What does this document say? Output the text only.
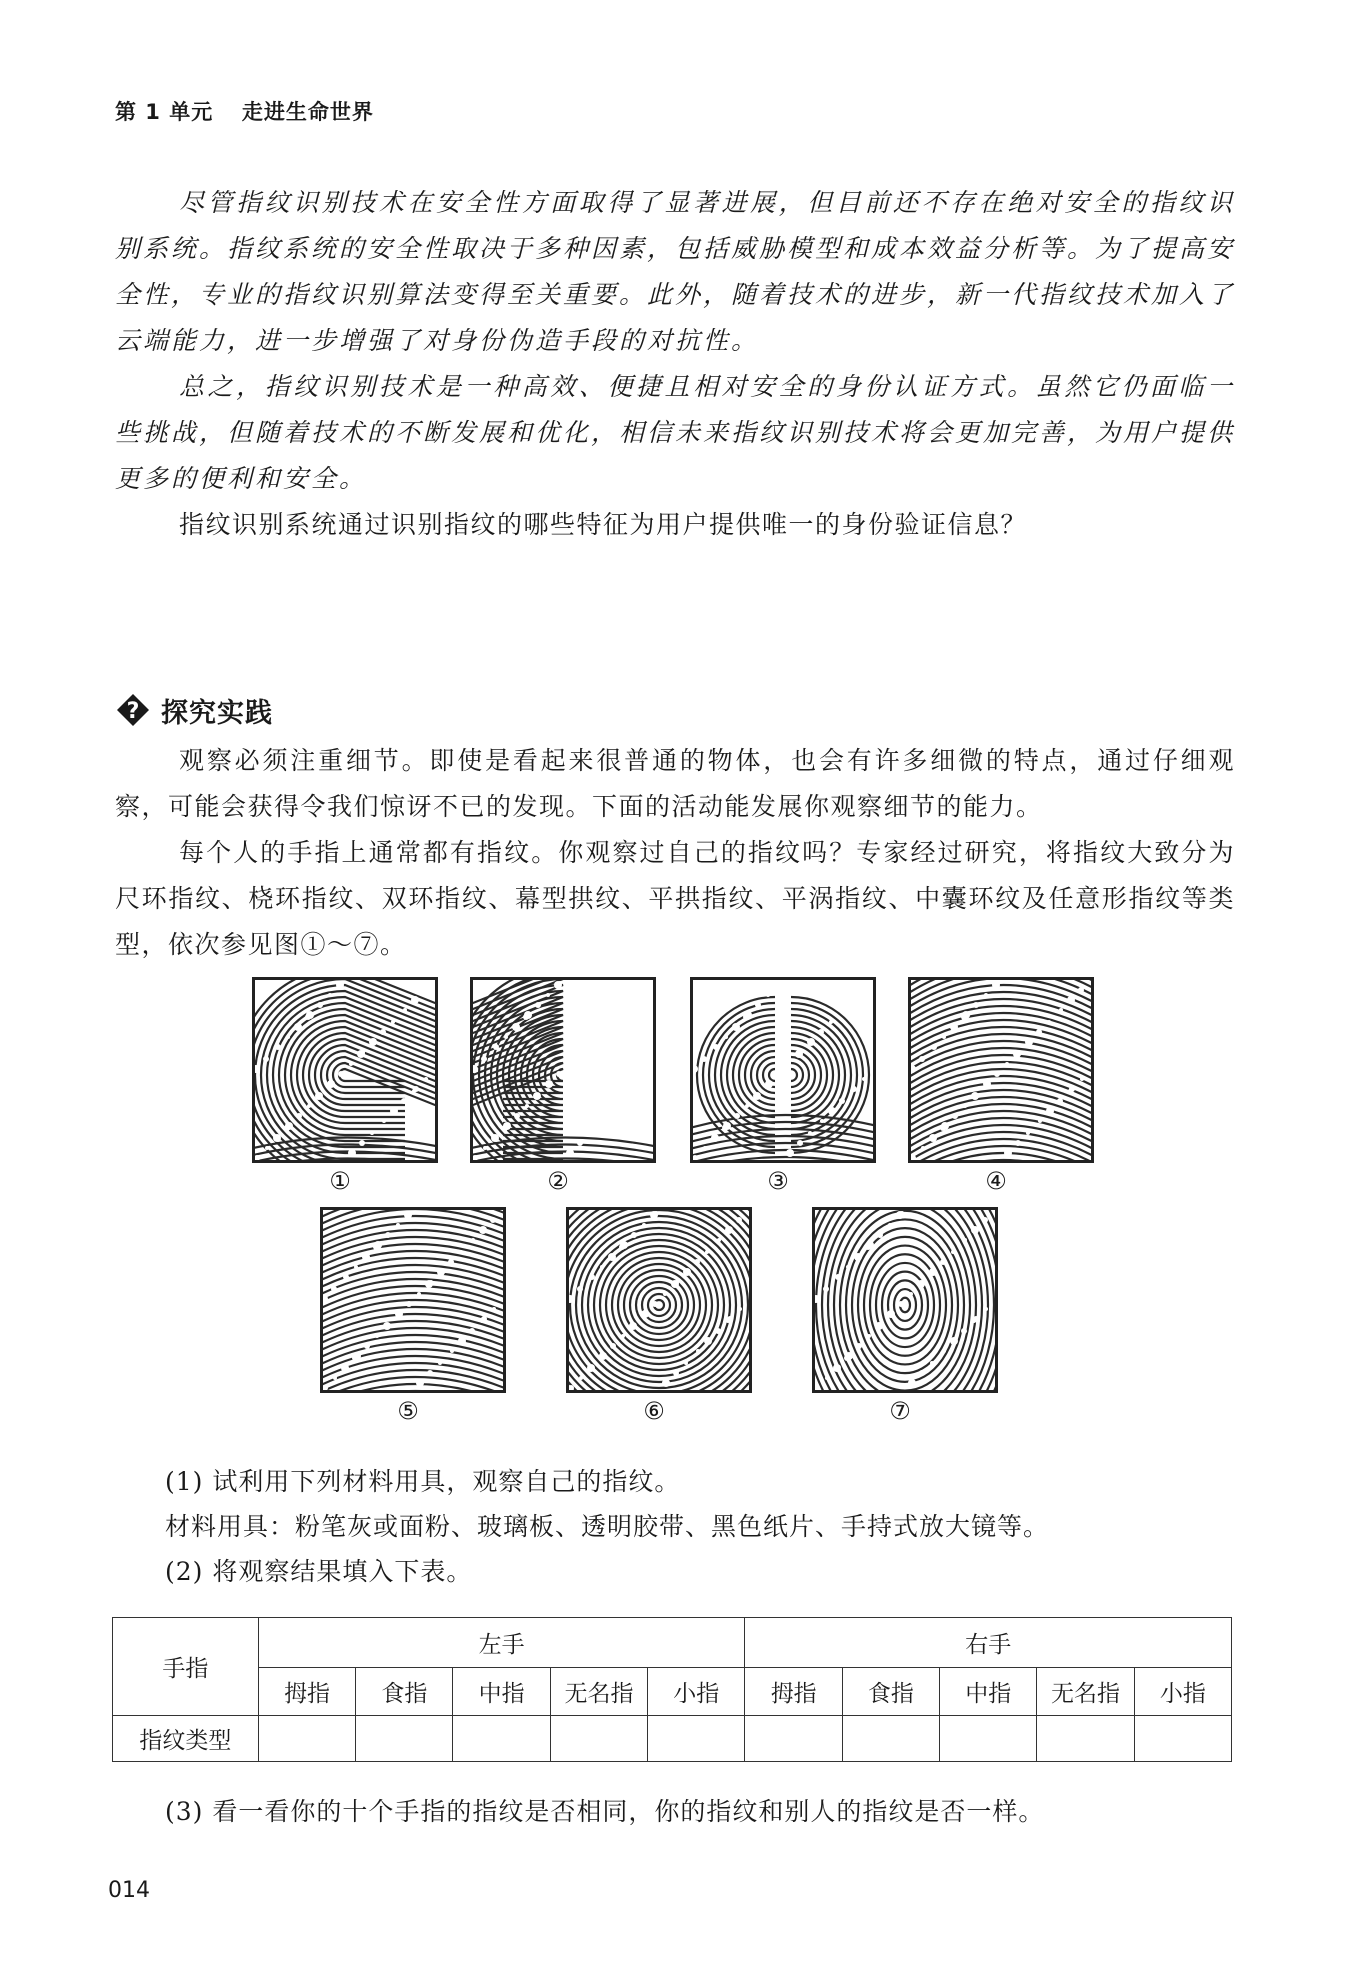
第 1 单元 走进生命世界

尽管指纹识别技术在安全性方面取得了显著进展，但目前还不存在绝对安全的指纹识别系统。指纹系统的安全性取决于多种因素，包括威胁模型和成本效益分析等。为了提高安全性，专业的指纹识别算法变得至关重要。此外，随着技术的进步，新一代指纹技术加入了云端能力，进一步增强了对身份伪造手段的对抗性。

总之，指纹识别技术是一种高效、便捷且相对安全的身份认证方式。虽然它仍面临一些挑战，但随着技术的不断发展和优化，相信未来指纹识别技术将会更加完善，为用户提供更多的便利和安全。

指纹识别系统通过识别指纹的哪些特征为用户提供唯一的身份验证信息？

? 探究实践

观察必须注重细节。即使是看起来很普通的物体，也会有许多细微的特点，通过仔细观察，可能会获得令我们惊讶不已的发现。下面的活动能发展你观察细节的能力。

每个人的手指上通常都有指纹。你观察过自己的指纹吗？专家经过研究，将指纹大致分为尺环指纹、桡环指纹、双环指纹、幕型拱纹、平拱指纹、平涡指纹、中囊环纹及任意形指纹等类型，依次参见图①～⑦。

①	②	③	④
⑤	⑥	⑦
(1) 试利用下列材料用具，观察自己的指纹。
材料用具：粉笔灰或面粉、玻璃板、透明胶带、黑色纸片、手持式放大镜等。
(2) 将观察结果填入下表。
手指	左手					右手				
	拇指	食指	中指	无名指	小指	拇指	食指	中指	无名指	小指
指纹类型										
(3) 看一看你的十个手指的指纹是否相同，你的指纹和别人的指纹是否一样。
014
